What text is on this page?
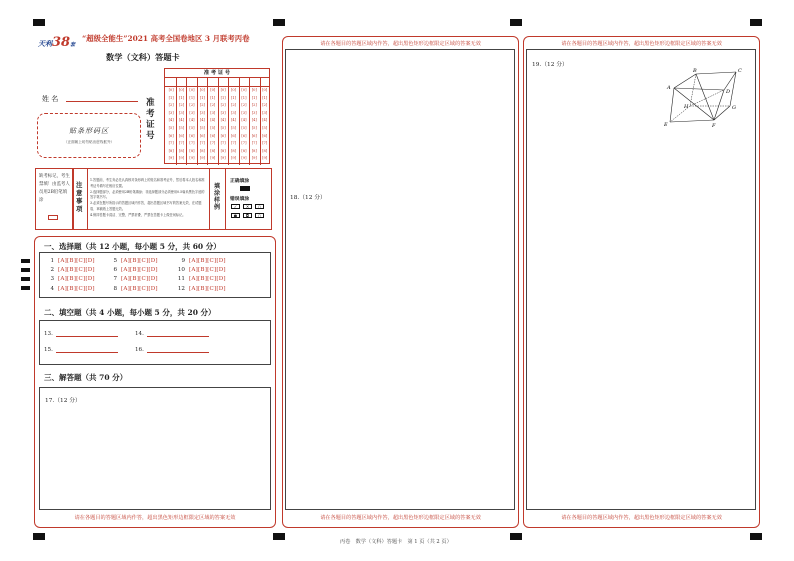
天利38套
“超级全能生”2021 高考全国卷地区 3 月联考丙卷
数学（文科）答题卡
姓 名
贴条形码区
（正面朝上切勿贴出虚线框外）
准考证号
准 考 证 号
[0]	[0]	[0]	[0]	[0]	[0]	[0]	[0]	[0]	[0]
[1]	[1]	[1]	[1]	[1]	[1]	[1]	[1]	[1]	[1]
[2]	[2]	[2]	[2]	[2]	[2]	[2]	[2]	[2]	[2]
[3]	[3]	[3]	[3]	[3]	[3]	[3]	[3]	[3]	[3]
[4]	[4]	[4]	[4]	[4]	[4]	[4]	[4]	[4]	[4]
[5]	[5]	[5]	[5]	[5]	[5]	[5]	[5]	[5]	[5]
[6]	[6]	[6]	[6]	[6]	[6]	[6]	[6]	[6]	[6]
[7]	[7]	[7]	[7]	[7]	[7]	[7]	[7]	[7]	[7]
[8]	[8]	[8]	[8]	[8]	[8]	[8]	[8]	[8]	[8]
[9]	[9]	[9]	[9]	[9]	[9]	[9]	[9]	[9]	[9]
缺考标记，考生禁填！由监考人员用2B铅笔填涂
注意事项
1.答题前，考生务必先认真核对条形码上的姓名和准考证号，然后将本人姓名和准考证号填写在相应位置。
2.选择题部分，必须使用2B铅笔填涂；非选择题部分必须使用0.5毫米黑色字迹的签字笔书写。
3.必须在题号所指示的答题区域内作答，超出答题区域书写的答案无效，在试题卷、草稿纸上答题无效。
4.保持答题卡清洁、完整，严禁折叠，严禁在答题卡上做任何标记。
填涂样例
正确填涂
错误填涂
✓	✕	○
●	◘	○
一、选择题（共 12 小题，每小题 5 分，共 60 分）
1 [A][B][C][D]
2 [A][B][C][D]
3 [A][B][C][D]
4 [A][B][C][D]
5 [A][B][C][D]
6 [A][B][C][D]
7 [A][B][C][D]
8 [A][B][C][D]
9 [A][B][C][D]
10 [A][B][C][D]
11 [A][B][C][D]
12 [A][B][C][D]
二、填空题（共 4 小题，每小题 5 分，共 20 分）
13.	14.
15.	16.
三、解答题（共 70 分）
17.（12 分）
请在各题目的答题区域内作答，超出黑色矩形边框限定区域的答案无效
请在各题目的答题区域内作答，超出黑色矩形边框限定区域的答案无效
18.（12 分）
请在各题目的答题区域内作答，超出黑色矩形边框限定区域的答案无效
请在各题目的答题区域内作答，超出黑色矩形边框限定区域的答案无效
19.（12 分）
A
B	C
D
E	F
G
H
请在各题目的答题区域内作答，超出黑色矩形边框限定区域的答案无效
丙卷　数学（文科）答题卡　第 1 页（共 2 页）
